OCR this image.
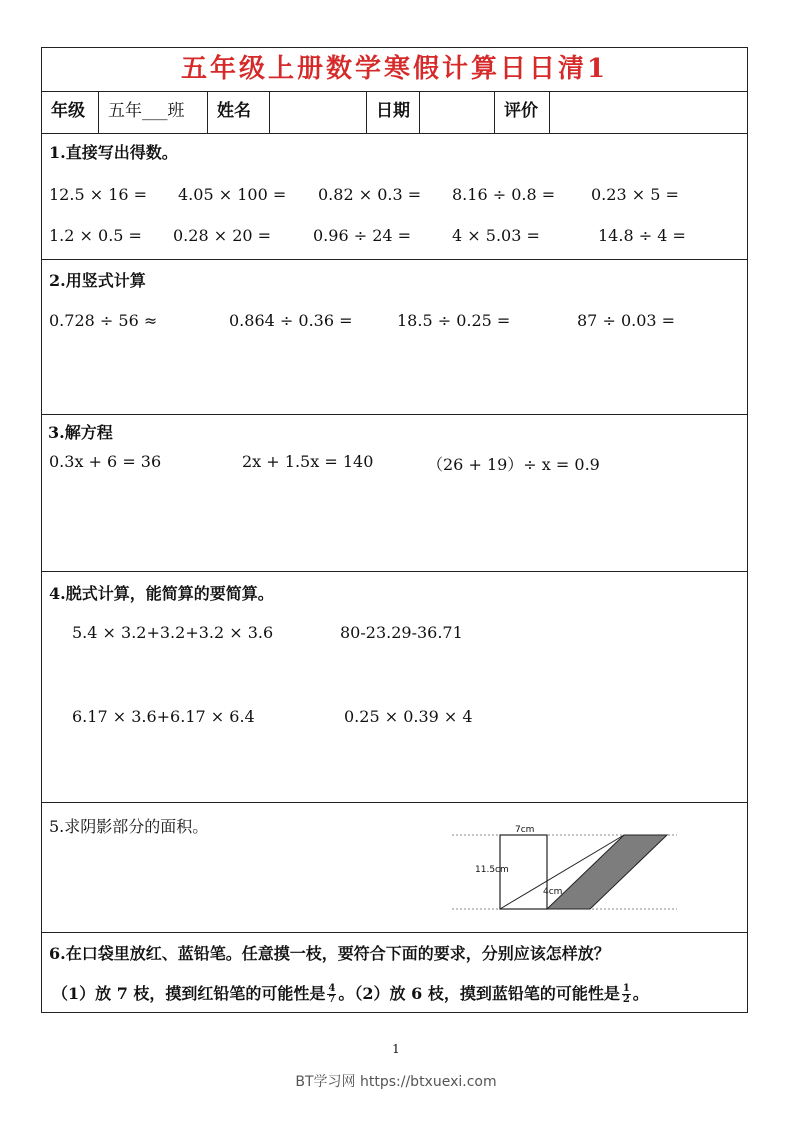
五年级上册数学寒假计算日日清1
年级	五年___班	姓名	日期	评价
1.直接写出得数。
12.5 × 16 = 4.05 × 100 = 0.82 × 0.3 = 8.16 ÷ 0.8 = 0.23 × 5 =
1.2 × 0.5 = 0.28 × 20 =	0.96 ÷ 24 =	4 × 5.03 =	14.8 ÷ 4 =
2.用竖式计算
0.728 ÷ 56 ≈	0.864 ÷ 0.36 =	18.5 ÷ 0.25 =	87 ÷ 0.03 =
3.解方程
0.3x + 6 = 36	2x + 1.5x = 140	（26 + 19）÷ x = 0.9
4.脱式计算，能简算的要简算。
5.4 × 3.2+3.2+3.2 × 3.6	80-23.29-36.71
6.17 × 3.6+6.17 × 6.4	0.25 × 0.39 × 4
5.求阴影部分的面积。	7cm
11.5cm
4cm
6.在口袋里放红、蓝铅笔。任意摸一枝，要符合下面的要求，分别应该怎样放？
（1）放 7 枝，摸到红铅笔的可能性是 $\frac{4}{7}$ 。（2）放 6 枝，摸到蓝铅笔的可能性是 $\frac{1}{2}$ 。
1
BT学习网 https://btxuexi.com
